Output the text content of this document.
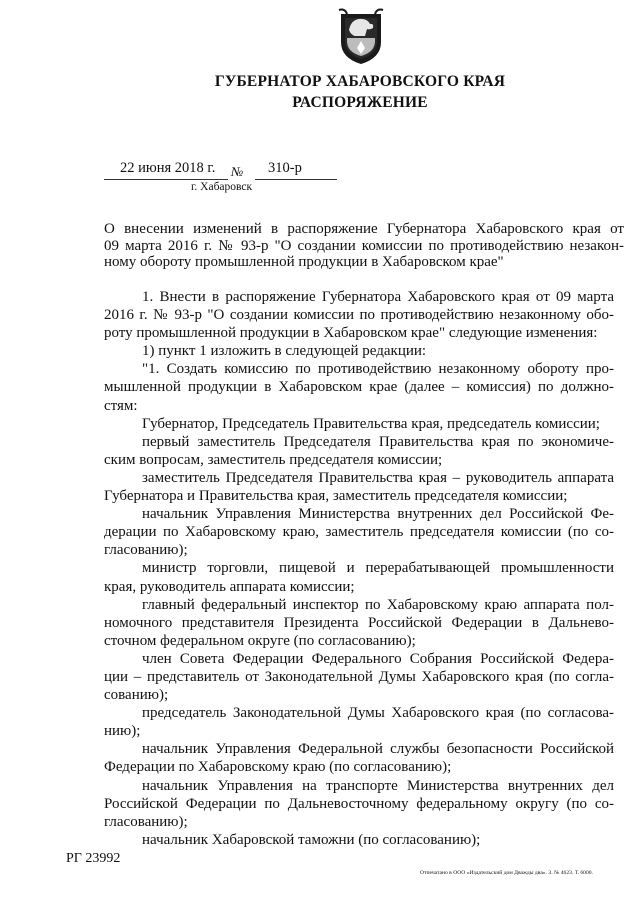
ГУБЕРНАТОР ХАБАРОВСКОГО КРАЯ
РАСПОРЯЖЕНИЕ
22 июня 2018 г. № 310-р
г. Хабаровск
О внесении изменений в распоряжение Губернатора Хабаровского края от
09 марта 2016 г. № 93-р "О создании комиссии по противодействию незакон-
ному обороту промышленной продукции в Хабаровском крае"
1. Внести в распоряжение Губернатора Хабаровского края от 09 марта
2016 г. № 93-р "О создании комиссии по противодействию незаконному обо-
роту промышленной продукции в Хабаровском крае" следующие изменения:
1) пункт 1 изложить в следующей редакции:
"1. Создать комиссию по противодействию незаконному обороту про-
мышленной продукции в Хабаровском крае (далее – комиссия) по должно-
стям:
Губернатор, Председатель Правительства края, председатель комиссии;
первый заместитель Председателя Правительства края по экономиче-
ским вопросам, заместитель председателя комиссии;
заместитель Председателя Правительства края – руководитель аппарата
Губернатора и Правительства края, заместитель председателя комиссии;
начальник Управления Министерства внутренних дел Российской Фе-
дерации по Хабаровскому краю, заместитель председателя комиссии (по со-
гласованию);
министр торговли, пищевой и перерабатывающей промышленности
края, руководитель аппарата комиссии;
главный федеральный инспектор по Хабаровскому краю аппарата пол-
номочного представителя Президента Российской Федерации в Дальнево-
сточном федеральном округе (по согласованию);
член Совета Федерации Федерального Собрания Российской Федера-
ции – представитель от Законодательной Думы Хабаровского края (по согла-
сованию);
председатель Законодательной Думы Хабаровского края (по согласова-
нию);
начальник Управления Федеральной службы безопасности Российской
Федерации по Хабаровскому краю (по согласованию);
начальник Управления на транспорте Министерства внутренних дел
Российской Федерации по Дальневосточному федеральному округу (по со-
гласованию);
начальник Хабаровской таможни (по согласованию);
РГ 23992
Отпечатано в ООО «Издательский дом Дважды два». З. № 4623. Т. 6000.
